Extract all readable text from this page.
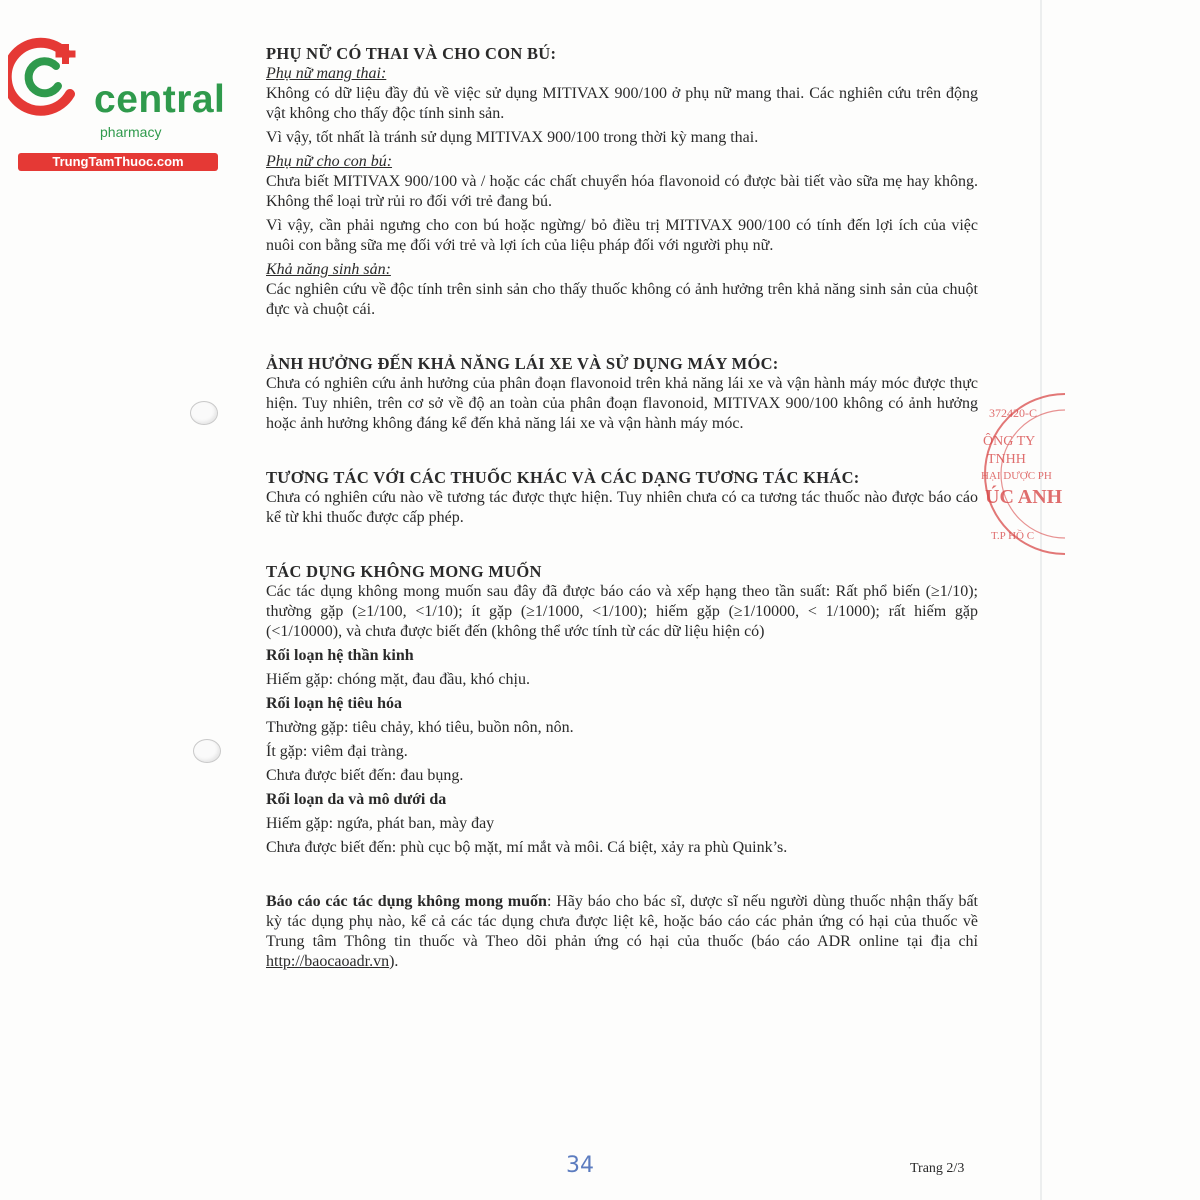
central
pharmacy
TrungTamThuoc.com
372420-C
ÔNG TY
TNHH
HẠI DƯỢC PH
ÚC ANH
T.P HỒ C
PHỤ NỮ CÓ THAI VÀ CHO CON BÚ:
Phụ nữ mang thai:

Không có dữ liệu đầy đủ về việc sử dụng MITIVAX 900/100 ở phụ nữ mang thai. Các nghiên cứu trên động vật không cho thấy độc tính sinh sản.

Vì vậy, tốt nhất là tránh sử dụng MITIVAX 900/100 trong thời kỳ mang thai.

Phụ nữ cho con bú:

Chưa biết MITIVAX 900/100 và / hoặc các chất chuyển hóa flavonoid có được bài tiết vào sữa mẹ hay không. Không thể loại trừ rủi ro đối với trẻ đang bú.

Vì vậy, cần phải ngưng cho con bú hoặc ngừng/ bỏ điều trị MITIVAX 900/100 có tính đến lợi ích của việc nuôi con bằng sữa mẹ đối với trẻ và lợi ích của liệu pháp đối với người phụ nữ.

Khả năng sinh sản:

Các nghiên cứu về độc tính trên sinh sản cho thấy thuốc không có ảnh hưởng trên khả năng sinh sản của chuột đực và chuột cái.

ẢNH HƯỞNG ĐẾN KHẢ NĂNG LÁI XE VÀ SỬ DỤNG MÁY MÓC:

Chưa có nghiên cứu ảnh hưởng của phân đoạn flavonoid trên khả năng lái xe và vận hành máy móc được thực hiện. Tuy nhiên, trên cơ sở về độ an toàn của phân đoạn flavonoid, MITIVAX 900/100 không có ảnh hưởng hoặc ảnh hưởng không đáng kể đến khả năng lái xe và vận hành máy móc.

TƯƠNG TÁC VỚI CÁC THUỐC KHÁC VÀ CÁC DẠNG TƯƠNG TÁC KHÁC:

Chưa có nghiên cứu nào về tương tác được thực hiện. Tuy nhiên chưa có ca tương tác thuốc nào được báo cáo kể từ khi thuốc được cấp phép.

TÁC DỤNG KHÔNG MONG MUỐN

Các tác dụng không mong muốn sau đây đã được báo cáo và xếp hạng theo tần suất: Rất phổ biến (≥1/10); thường gặp (≥1/100, <1/10); ít gặp (≥1/1000, <1/100); hiếm gặp (≥1/10000, < 1/1000); rất hiếm gặp (<1/10000), và chưa được biết đến (không thể ước tính từ các dữ liệu hiện có)

Rối loạn hệ thần kinh

Hiếm gặp: chóng mặt, đau đầu, khó chịu.

Rối loạn hệ tiêu hóa

Thường gặp: tiêu chảy, khó tiêu, buồn nôn, nôn.

Ít gặp: viêm đại tràng.

Chưa được biết đến: đau bụng.

Rối loạn da và mô dưới da

Hiếm gặp: ngứa, phát ban, mày đay

Chưa được biết đến: phù cục bộ mặt, mí mắt và môi. Cá biệt, xảy ra phù Quink’s.

Báo cáo các tác dụng không mong muốn: Hãy báo cho bác sĩ, dược sĩ nếu người dùng thuốc nhận thấy bất kỳ tác dụng phụ nào, kể cả các tác dụng chưa được liệt kê, hoặc báo cáo các phản ứng có hại của thuốc về Trung tâm Thông tin thuốc và Theo dõi phản ứng có hại của thuốc (báo cáo ADR online tại địa chỉ http://baocaoadr.vn).

34	Trang 2/3
